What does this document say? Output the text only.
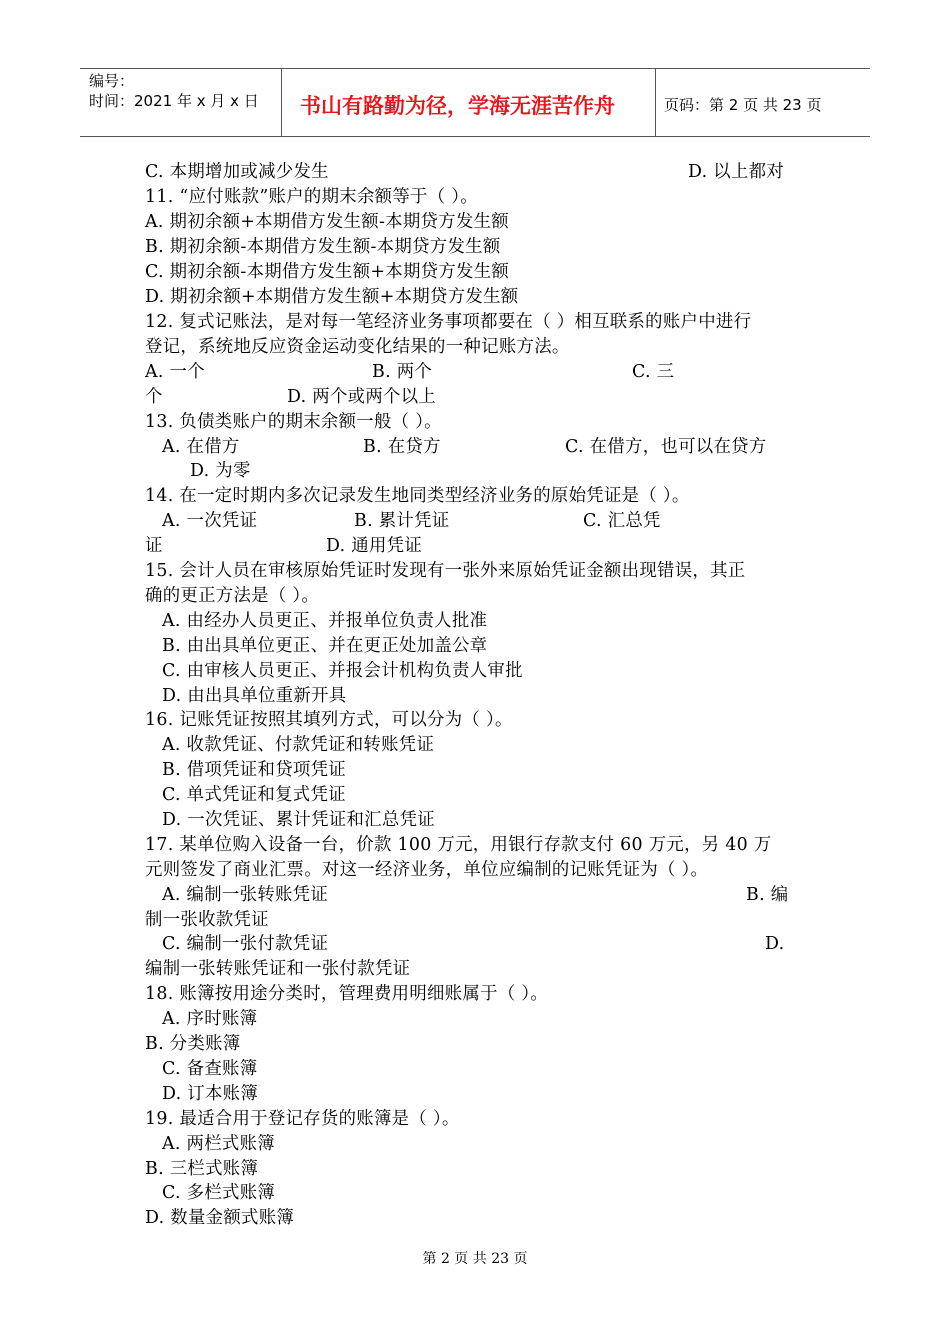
编号：
时间：2021 年 x 月 x 日 书山有路勤为径，学海无涯苦作舟	页码：第 2 页 共 23 页
C. 本期增加或减少发生	D. 以上都对
11. “应付账款”账户的期末余额等于（ ）。
A. 期初余额+本期借方发生额-本期贷方发生额
B. 期初余额-本期借方发生额-本期贷方发生额
C. 期初余额-本期借方发生额+本期贷方发生额
D. 期初余额+本期借方发生额+本期贷方发生额
12. 复式记账法，是对每一笔经济业务事项都要在（ ）相互联系的账户中进行
登记，系统地反应资金运动变化结果的一种记账方法。
A. 一个	B. 两个	C. 三
个	D. 两个或两个以上
13. 负债类账户的期末余额一般（ ）。
A. 在借方	B. 在贷方	C. 在借方，也可以在贷方
D. 为零
14. 在一定时期内多次记录发生地同类型经济业务的原始凭证是（ ）。
A. 一次凭证	B. 累计凭证	C. 汇总凭
证	D. 通用凭证
15. 会计人员在审核原始凭证时发现有一张外来原始凭证金额出现错误，其正
确的更正方法是（ ）。
A. 由经办人员更正、并报单位负责人批准
B. 由出具单位更正、并在更正处加盖公章
C. 由审核人员更正、并报会计机构负责人审批
D. 由出具单位重新开具
16. 记账凭证按照其填列方式，可以分为（ ）。
A. 收款凭证、付款凭证和转账凭证
B. 借项凭证和贷项凭证
C. 单式凭证和复式凭证
D. 一次凭证、累计凭证和汇总凭证
17. 某单位购入设备一台，价款 100 万元，用银行存款支付 60 万元，另 40 万
元则签发了商业汇票。对这一经济业务，单位应编制的记账凭证为（ ）。
A. 编制一张转账凭证	B. 编
制一张收款凭证
C. 编制一张付款凭证	D.
编制一张转账凭证和一张付款凭证
18. 账簿按用途分类时，管理费用明细账属于（ ）。
A. 序时账簿
B. 分类账簿
C. 备查账簿
D. 订本账簿
19. 最适合用于登记存货的账簿是（ ）。
A. 两栏式账簿
B. 三栏式账簿
C. 多栏式账簿
D. 数量金额式账簿
第 2 页 共 23 页
